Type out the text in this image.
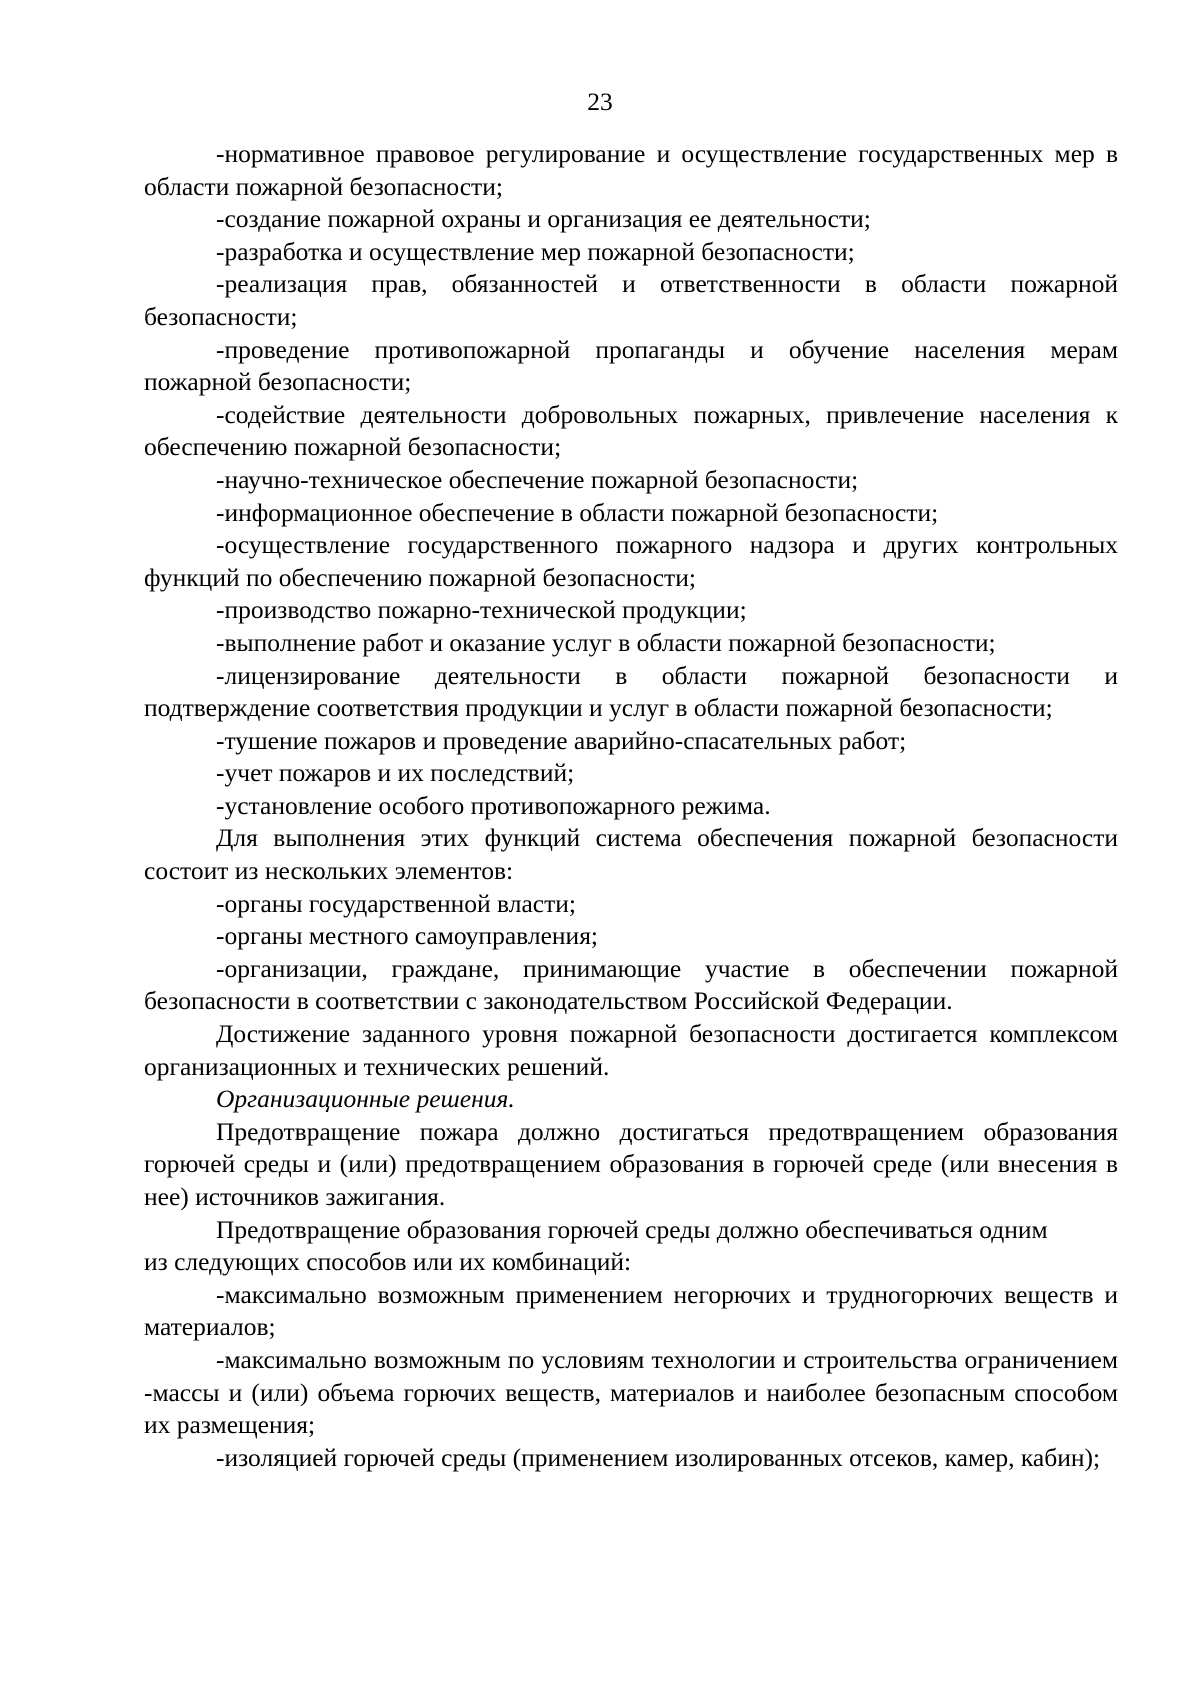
23

-нормативное правовое регулирование и осуществление государственных мер в области пожарной безопасности;

-создание пожарной охраны и организация ее деятельности;

-разработка и осуществление мер пожарной безопасности;

-реализация прав, обязанностей и ответственности в области пожарной безопасности;

-проведение противопожарной пропаганды и обучение населения мерам пожарной безопасности;

-содействие деятельности добровольных пожарных, привлечение населения к обеспечению пожарной безопасности;

-научно-техническое обеспечение пожарной безопасности;

-информационное обеспечение в области пожарной безопасности;

-осуществление государственного пожарного надзора и других контрольных функций по обеспечению пожарной безопасности;

-производство пожарно-технической продукции;

-выполнение работ и оказание услуг в области пожарной безопасности;

-лицензирование деятельности в области пожарной безопасности и подтверждение соответствия продукции и услуг в области пожарной безопасности;

-тушение пожаров и проведение аварийно-спасательных работ;

-учет пожаров и их последствий;

-установление особого противопожарного режима.

Для выполнения этих функций система обеспечения пожарной безопасности состоит из нескольких элементов:

-органы государственной власти;

-органы местного самоуправления;

-организации, граждане, принимающие участие в обеспечении пожарной безопасности в соответствии с законодательством Российской Федерации.

Достижение заданного уровня пожарной безопасности достигается комплексом организационных и технических решений.

Организационные решения.

Предотвращение пожара должно достигаться предотвращением образования горючей среды и (или) предотвращением образования в горючей среде (или внесения в нее) источников зажигания.

Предотвращение образования горючей среды должно обеспечиваться одним

из следующих способов или их комбинаций:

-максимально возможным применением негорючих и трудногорючих веществ и материалов;

-максимально возможным по условиям технологии и строительства ограничением -массы и (или) объема горючих веществ, материалов и наиболее безопасным способом их размещения;

-изоляцией горючей среды (применением изолированных отсеков, камер, кабин);
